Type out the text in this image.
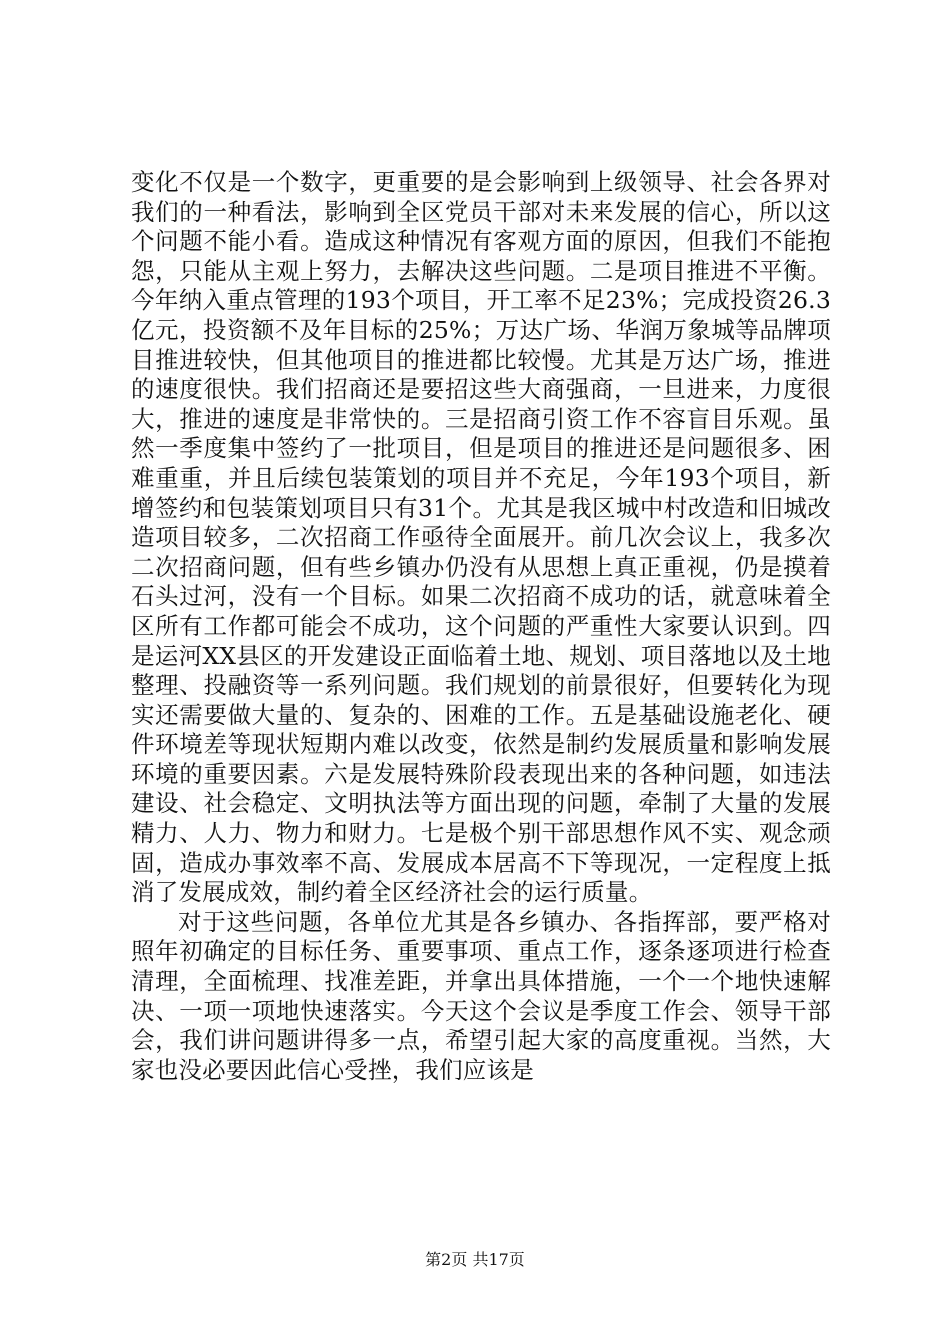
变化不仅是一个数字，更重要的是会影响到上级领导、社会各界对我们的一种看法，影响到全区党员干部对未来发展的信心，所以这个问题不能小看。造成这种情况有客观方面的原因，但我们不能抱怨，只能从主观上努力，去解决这些问题。二是项目推进不平衡。今年纳入重点管理的193个项目，开工率不足23%；完成投资26.3亿元，投资额不及年目标的25%；万达广场、华润万象城等品牌项目推进较快，但其他项目的推进都比较慢。尤其是万达广场，推进的速度很快。我们招商还是要招这些大商强商，一旦进来，力度很大，推进的速度是非常快的。三是招商引资工作不容盲目乐观。虽然一季度集中签约了一批项目，但是项目的推进还是问题很多、困难重重，并且后续包装策划的项目并不充足，今年193个项目，新增签约和包装策划项目只有31个。尤其是我区城中村改造和旧城改造项目较多，二次招商工作亟待全面展开。前几次会议上，我多次二次招商问题，但有些乡镇办仍没有从思想上真正重视，仍是摸着石头过河，没有一个目标。如果二次招商不成功的话，就意味着全区所有工作都可能会不成功，这个问题的严重性大家要认识到。四是运河XX县区的开发建设正面临着土地、规划、项目落地以及土地整理、投融资等一系列问题。我们规划的前景很好，但要转化为现实还需要做大量的、复杂的、困难的工作。五是基础设施老化、硬件环境差等现状短期内难以改变，依然是制约发展质量和影响发展环境的重要因素。六是发展特殊阶段表现出来的各种问题，如违法建设、社会稳定、文明执法等方面出现的问题，牵制了大量的发展精力、人力、物力和财力。七是极个别干部思想作风不实、观念顽固，造成办事效率不高、发展成本居高不下等现况，一定程度上抵消了发展成效，制约着全区经济社会的运行质量。

对于这些问题，各单位尤其是各乡镇办、各指挥部，要严格对照年初确定的目标任务、重要事项、重点工作，逐条逐项进行检查清理，全面梳理、找准差距，并拿出具体措施，一个一个地快速解决、一项一项地快速落实。今天这个会议是季度工作会、领导干部会，我们讲问题讲得多一点，希望引起大家的高度重视。当然，大家也没必要因此信心受挫，我们应该是

第2页 共17页
